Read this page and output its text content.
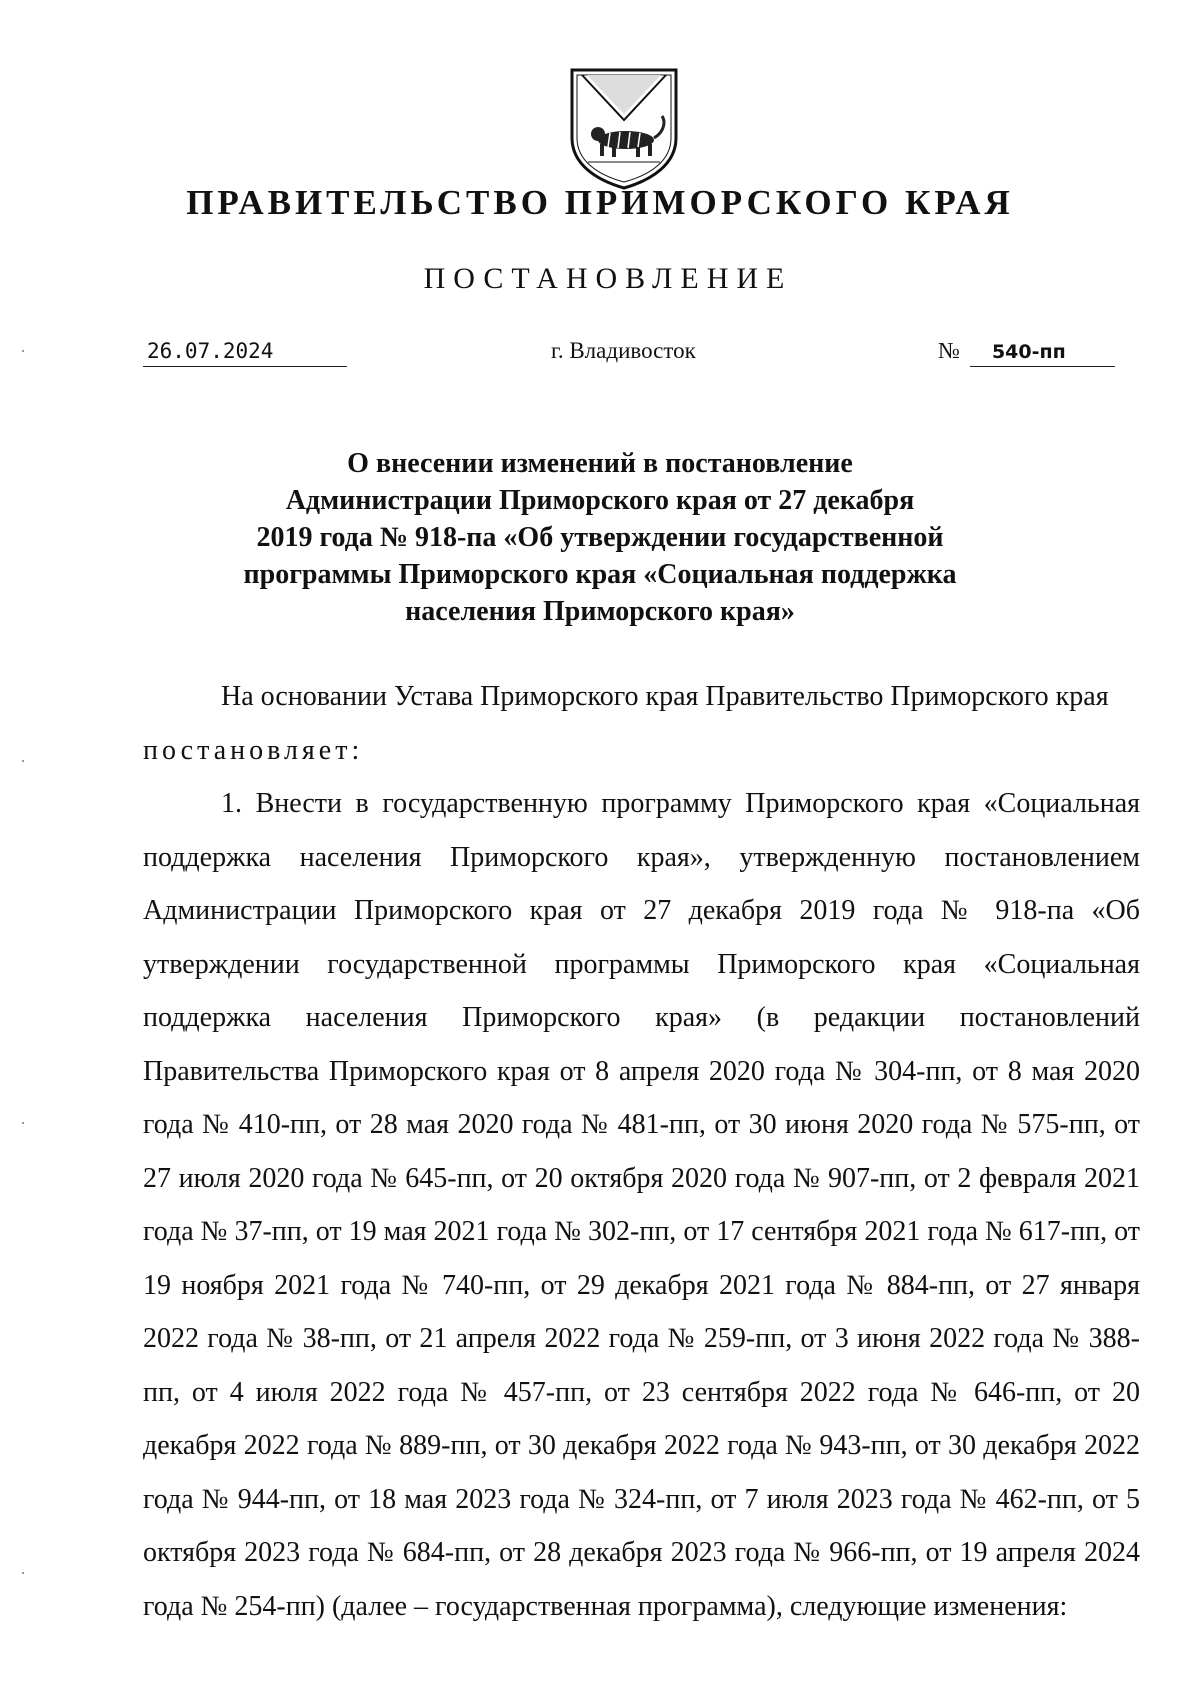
ПРАВИТЕЛЬСТВО ПРИМОРСКОГО КРАЯ
ПОСТАНОВЛЕНИЕ
26.07.2024	г. Владивосток	№ 540-пп
О внесении изменений в постановление
Администрации Приморского края от 27 декабря
2019 года № 918-па «Об утверждении государственной
программы Приморского края «Социальная поддержка
населения Приморского края»

На основании Устава Приморского края Правительство Приморского края постановляет:

1. Внести в государственную программу Приморского края «Социальная поддержка населения Приморского края», утвержденную постановлением Администрации Приморского края от 27 декабря 2019 года № 918-па «Об утверждении государственной программы Приморского края «Социальная поддержка населения Приморского края» (в редакции постановлений Правительства Приморского края от 8 апреля 2020 года № 304-пп, от 8 мая 2020 года № 410-пп, от 28 мая 2020 года № 481-пп, от 30 июня 2020 года № 575-пп, от 27 июля 2020 года № 645-пп, от 20 октября 2020 года № 907-пп, от 2 февраля 2021 года № 37-пп, от 19 мая 2021 года № 302-пп, от 17 сентября 2021 года № 617-пп, от 19 ноября 2021 года № 740-пп, от 29 декабря 2021 года № 884-пп, от 27 января 2022 года № 38-пп, от 21 апреля 2022 года № 259-пп, от 3 июня 2022 года № 388-пп, от 4 июля 2022 года № 457-пп, от 23 сентября 2022 года № 646-пп, от 20 декабря 2022 года № 889-пп, от 30 декабря 2022 года № 943-пп, от 30 декабря 2022 года № 944-пп, от 18 мая 2023 года № 324-пп, от 7 июля 2023 года № 462-пп, от 5 октября 2023 года № 684-пп, от 28 декабря 2023 года № 966-пп, от 19 апреля 2024 года № 254-пп) (далее – государственная программа), следующие изменения:
